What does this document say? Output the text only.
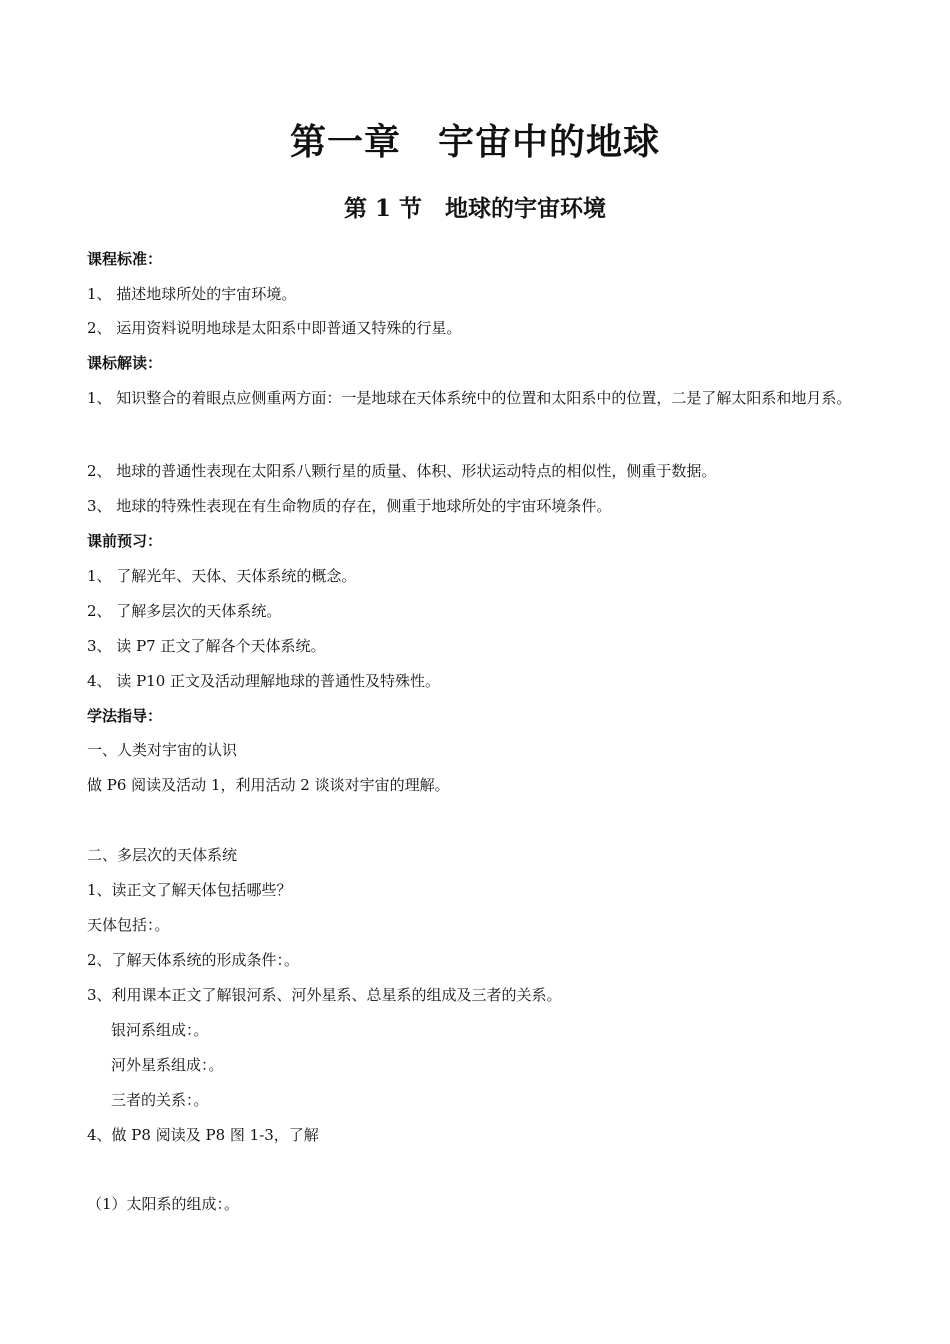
第一章　宇宙中的地球
第 1 节　地球的宇宙环境
课程标准：
1、 描述地球所处的宇宙环境。
2、 运用资料说明地球是太阳系中即普通又特殊的行星。
课标解读：
1、 知识整合的着眼点应侧重两方面：一是地球在天体系统中的位置和太阳系中的位置，二是了解太阳系和地月系。
2、 地球的普通性表现在太阳系八颗行星的质量、体积、形状运动特点的相似性，侧重于数据。
3、 地球的特殊性表现在有生命物质的存在，侧重于地球所处的宇宙环境条件。
课前预习：
1、 了解光年、天体、天体系统的概念。
2、 了解多层次的天体系统。
3、 读 P7 正文了解各个天体系统。
4、 读 P10 正文及活动理解地球的普通性及特殊性。
学法指导：
一、人类对宇宙的认识
做 P6 阅读及活动 1，利用活动 2 谈谈对宇宙的理解。
二、多层次的天体系统
1、读正文了解天体包括哪些？
天体包括：。
2、了解天体系统的形成条件：。
3、利用课本正文了解银河系、河外星系、总星系的组成及三者的关系。
银河系组成：。
河外星系组成：。
三者的关系：。
4、做 P8 阅读及 P8 图 1-3，了解
（1）太阳系的组成：。
